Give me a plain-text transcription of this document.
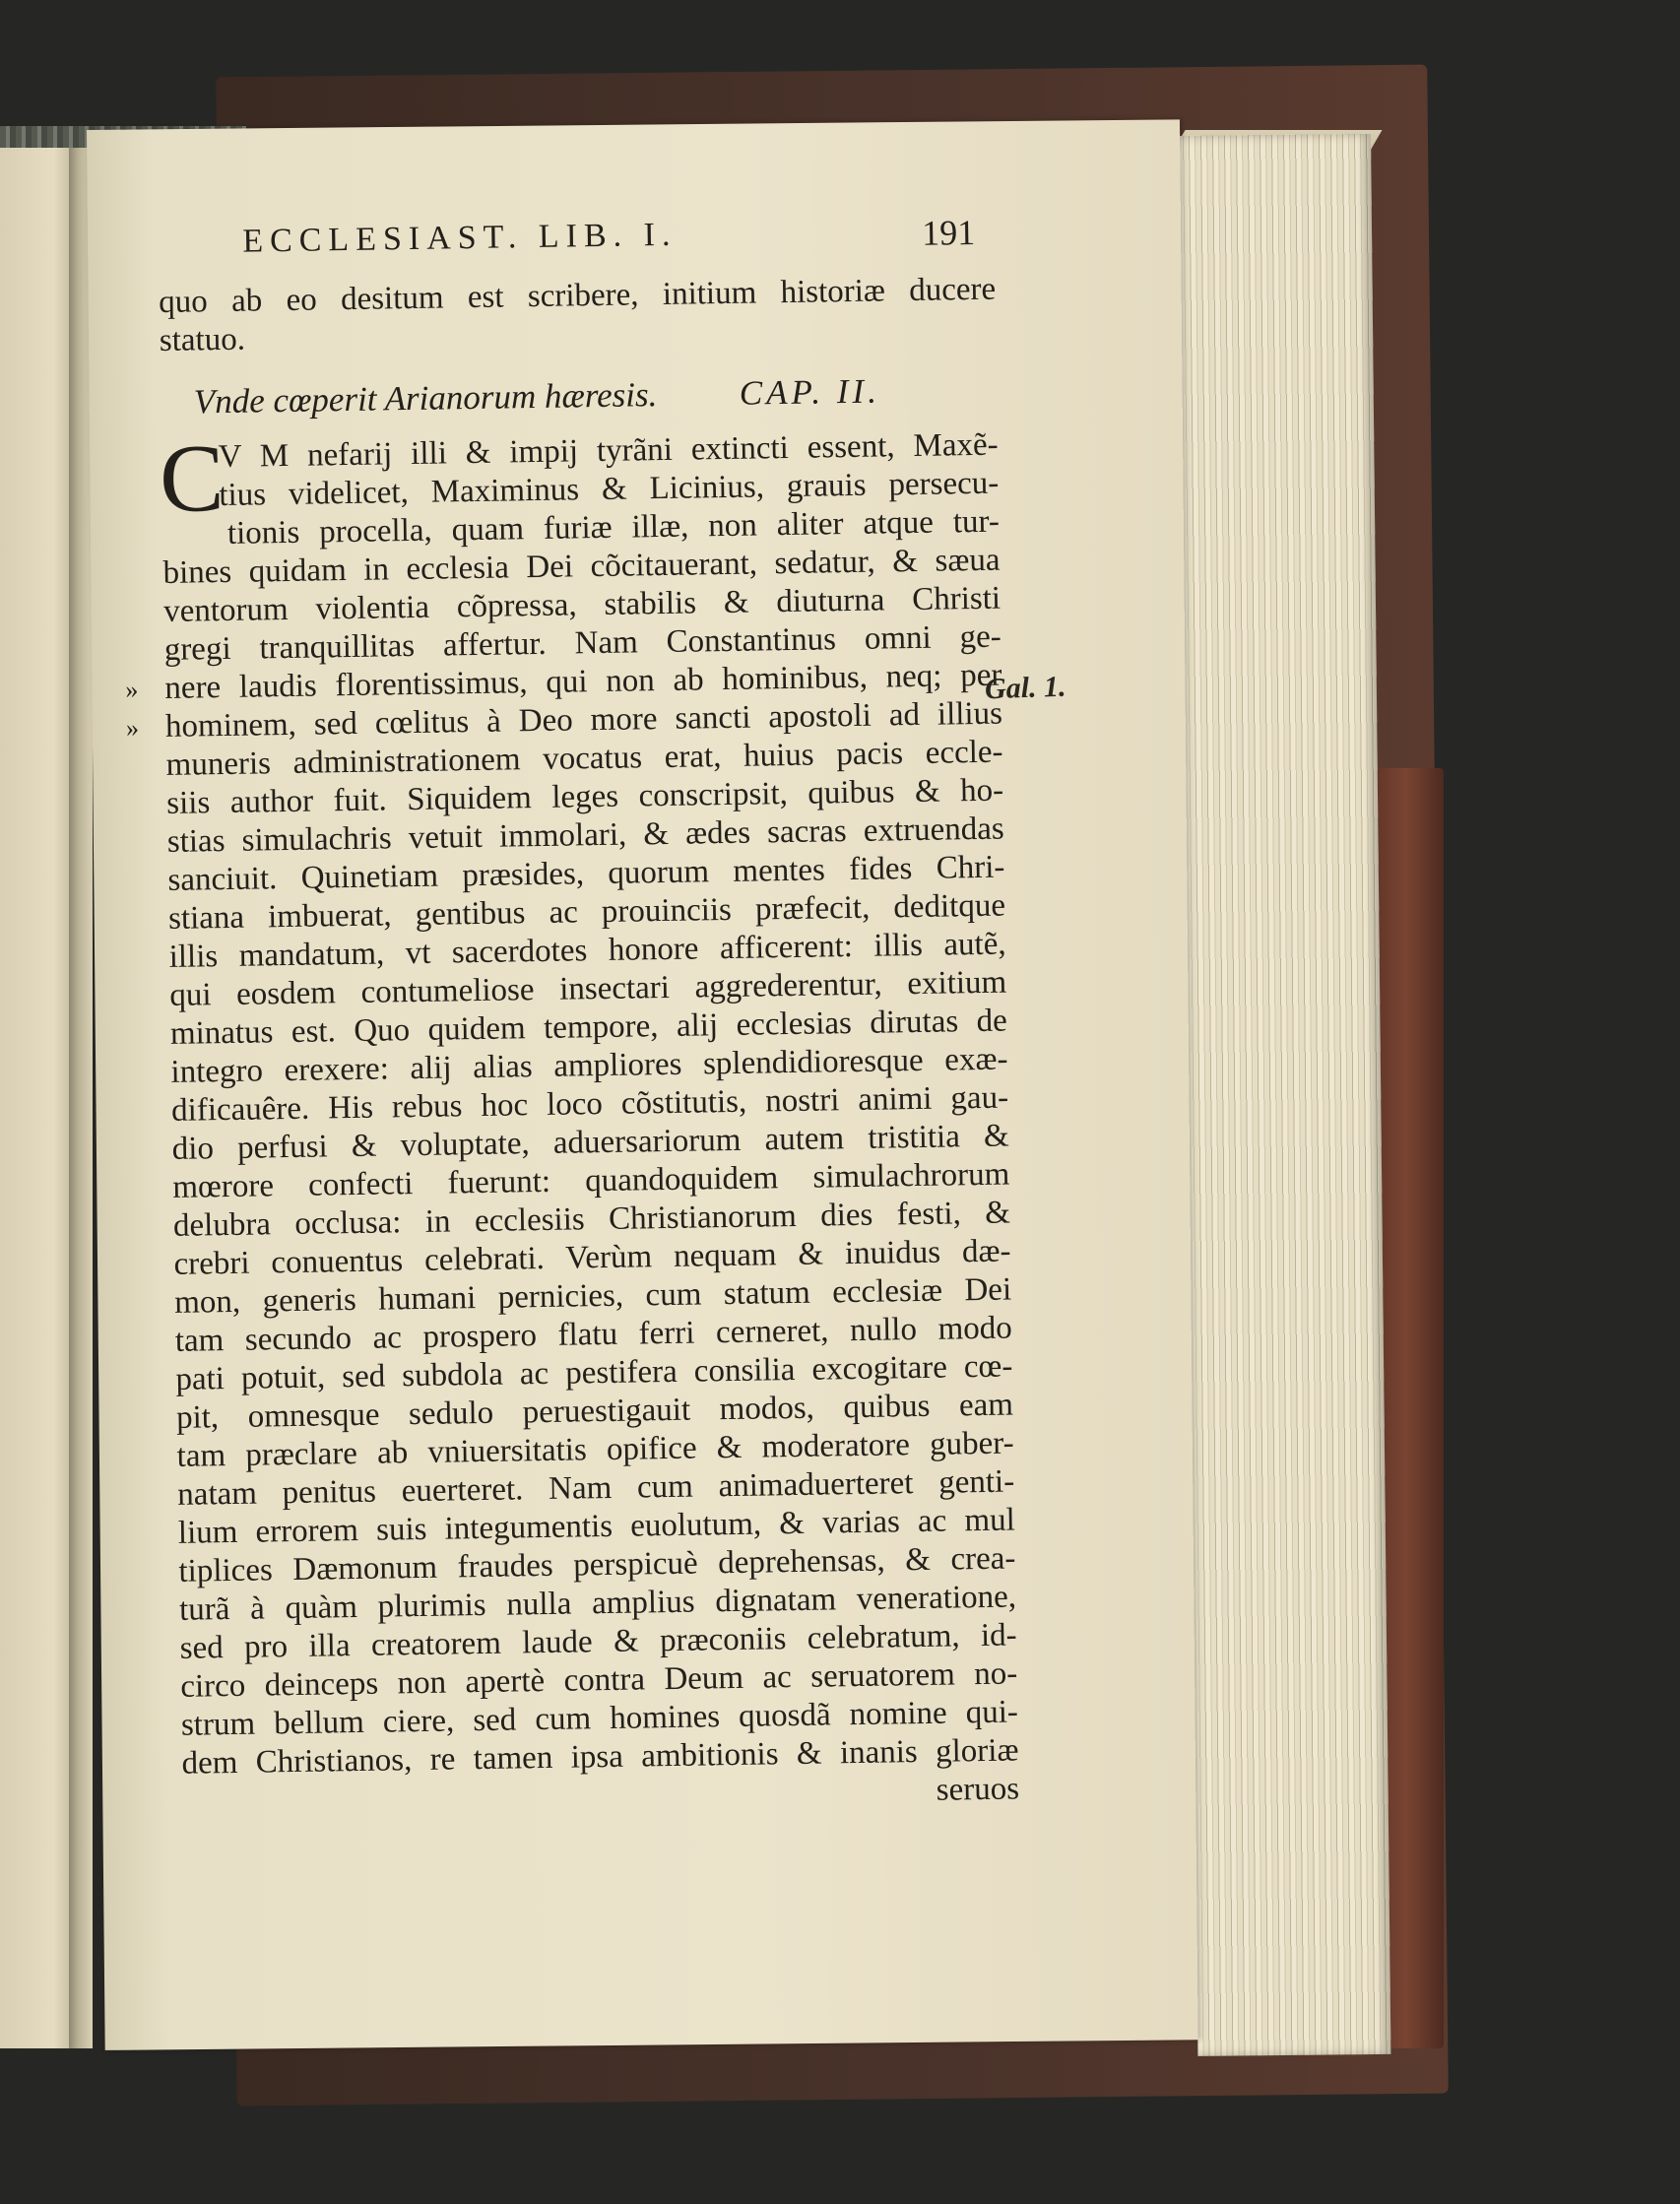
ECCLESIAST. LIB. I.	191
quo ab eo desitum est scribere, initium historiæ ducere
statuo.
Vnde cœperit Arianorum hæresis. CAP. II.
C
V M nefarij illi & impij tyrãni extincti essent, Maxẽ-
tius videlicet, Maximinus & Licinius, grauis persecu-
tionis procella, quam furiæ illæ, non aliter atque tur-
bines quidam in ecclesia Dei cõcitauerant, sedatur, & sæua
ventorum violentia cõpressa, stabilis & diuturna Christi
gregi tranquillitas affertur. Nam Constantinus omni ge-
» nere laudis florentissimus, qui non ab hominibus, neq; per
» hominem, sed cœlitus à Deo more sancti apostoli ad illius
muneris administrationem vocatus erat, huius pacis eccle-
siis author fuit. Siquidem leges conscripsit, quibus & ho-
stias simulachris vetuit immolari, & ædes sacras extruendas
sanciuit. Quinetiam præsides, quorum mentes fides Chri-
stiana imbuerat, gentibus ac prouinciis præfecit, deditque
illis mandatum, vt sacerdotes honore afficerent: illis autẽ,
qui eosdem contumeliose insectari aggrederentur, exitium
minatus est. Quo quidem tempore, alij ecclesias dirutas de
integro erexere: alij alias ampliores splendidioresque exæ-
dificauêre. His rebus hoc loco cõstitutis, nostri animi gau-
dio perfusi & voluptate, aduersariorum autem tristitia &
mœrore confecti fuerunt: quandoquidem simulachrorum
delubra occlusa: in ecclesiis Christianorum dies festi, &
crebri conuentus celebrati. Verùm nequam & inuidus dæ-
mon, generis humani pernicies, cum statum ecclesiæ Dei
tam secundo ac prospero flatu ferri cerneret, nullo modo
pati potuit, sed subdola ac pestifera consilia excogitare cœ-
pit, omnesque sedulo peruestigauit modos, quibus eam
tam præclare ab vniuersitatis opifice & moderatore guber-
natam penitus euerteret. Nam cum animaduerteret genti-
lium errorem suis integumentis euolutum, & varias ac mul
tiplices Dæmonum fraudes perspicuè deprehensas, & crea-
turã à quàm plurimis nulla amplius dignatam veneratione,
sed pro illa creatorem laude & præconiis celebratum, id-
circo deinceps non apertè contra Deum ac seruatorem no-
strum bellum ciere, sed cum homines quosdã nomine qui-
dem Christianos, re tamen ipsa ambitionis & inanis gloriæ
seruos
Gal. 1.
